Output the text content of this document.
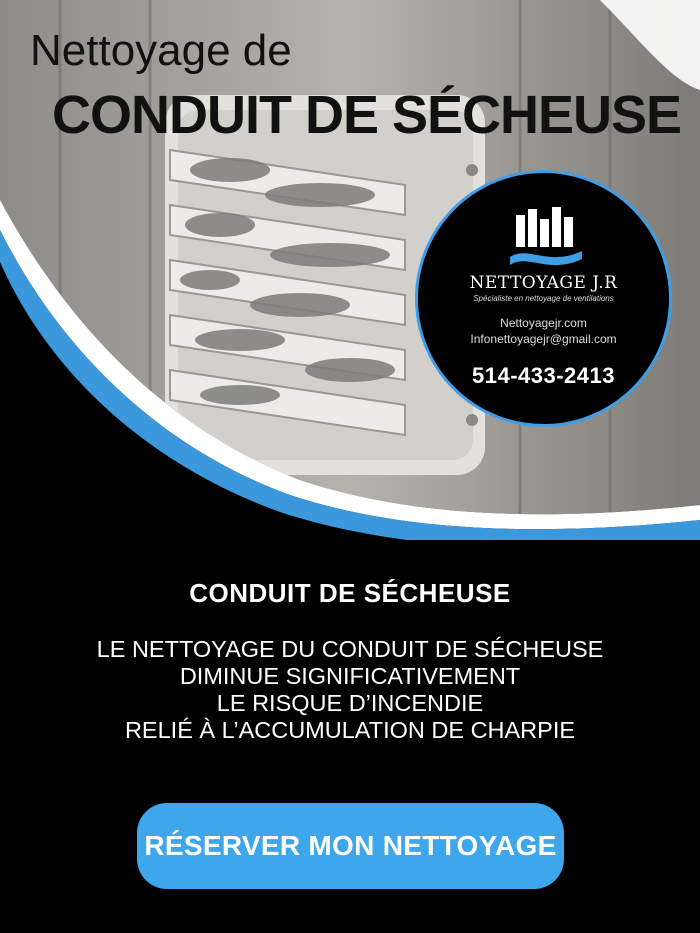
Nettoyage de
CONDUIT DE SÉCHEUSE
NETTOYAGE J.R
Spécialiste en nettoyage de ventilations
Nettoyagejr.com
Infonettoyagejr@gmail.com
514-433-2413
CONDUIT DE SÉCHEUSE
LE NETTOYAGE DU CONDUIT DE SÉCHEUSE
DIMINUE SIGNIFICATIVEMENT
LE RISQUE D’INCENDIE
RELIÉ À L’ACCUMULATION DE CHARPIE
RÉSERVER MON NETTOYAGE
